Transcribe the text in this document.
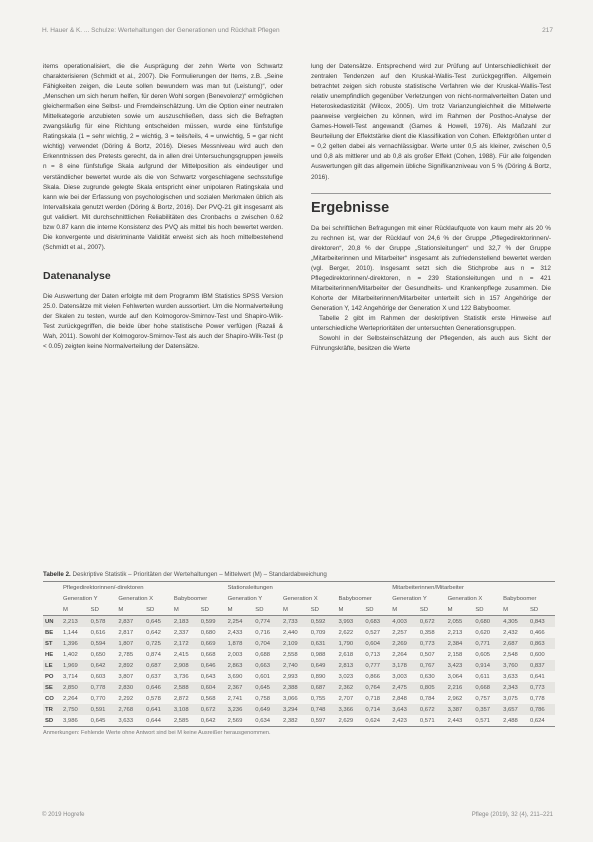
H. Hauer & K. ... Schulze: Wertehaltungen der Generationen und Rückhalt Pflegen	217

items operationalisiert, die die Ausprägung der zehn Werte von Schwartz charakterisieren (Schmidt et al., 2007). Die Formulierungen der Items, z.B. „Seine Fähigkeiten zeigen, die Leute sollen bewundern was man tut (Leistung)“, oder „Menschen um sich herum helfen, für deren Wohl sorgen (Benevolenz)“ ermöglichen gleichermaßen eine Selbst- und Fremdeinschätzung. Um die Option einer neutralen Mittelkategorie anzubieten sowie um auszuschließen, dass sich die Befragten zwangsläufig für eine Richtung entscheiden müssen, wurde eine fünfstufige Ratingskala (1 = sehr wichtig, 2 = wichtig, 3 = teils/teils, 4 = unwichtig, 5 = gar nicht wichtig) verwendet (Döring & Bortz, 2016). Dieses Messniveau wird auch den Erkenntnissen des Pretests gerecht, da in allen drei Untersuchungsgruppen jeweils n = 8 eine fünfstufige Skala aufgrund der Mittelposition als eindeutiger und verständlicher bewertet wurde als die von Schwartz vorgeschlagene sechsstufige Skala. Diese zugrunde gelegte Skala entspricht einer unipolaren Ratingskala und kann wie bei der Erfassung von psychologischen und sozialen Merkmalen üblich als Intervallskala genutzt werden (Döring & Bortz, 2016). Der PVQ-21 gilt insgesamt als gut validiert. Mit durchschnittlichen Reliabilitäten des Cronbachs α zwischen 0.62 bzw 0.87 kann die interne Konsistenz des PVQ als mittel bis hoch bewertet werden. Die konvergente und diskriminante Validität erweist sich als hoch mittelbestehend (Schmidt et al., 2007).

Datenanalyse

Die Auswertung der Daten erfolgte mit dem Programm IBM Statistics SPSS Version 25.0. Datensätze mit vielen Fehlwerten wurden aussortiert. Um die Normalverteilung der Skalen zu testen, wurde auf den Kolmogorov-Smirnov-Test und Shapiro-Wilk-Test zurückgegriffen, die beide über hohe statistische Power verfügen (Razali & Wah, 2011). Sowohl der Kolmogorov-Smirnov-Test als auch der Shapiro-Wilk-Test (p < 0.05) zeigten keine Normalverteilung der Datensätze.

lung der Datensätze. Entsprechend wird zur Prüfung auf Unterschiedlichkeit der zentralen Tendenzen auf den Kruskal-Wallis-Test zurückgegriffen. Allgemein betrachtet zeigen sich robuste statistische Verfahren wie der Kruskal-Wallis-Test relativ unempfindlich gegenüber Verletzungen von nicht-normalverteilten Daten und Heteroskedastizität (Wilcox, 2005). Um trotz Varianzungleichheit die Mittelwerte paarweise vergleichen zu können, wird im Rahmen der Posthoc-Analyse der Games-Howell-Test angewandt (Games & Howell, 1976). Als Maßzahl zur Beurteilung der Effektstärke dient die Klassifikation von Cohen. Effektgrößen unter d = 0,2 gelten dabei als vernachlässigbar. Werte unter 0,5 als kleiner, zwischen 0,5 und 0,8 als mittlerer und ab 0,8 als großer Effekt (Cohen, 1988). Für alle folgenden Auswertungen gilt das allgemein übliche Signifikanzniveau von 5 % (Döring & Bortz, 2016).

Ergebnisse

Da bei schriftlichen Befragungen mit einer Rücklaufquote von kaum mehr als 20 % zu rechnen ist, war der Rücklauf von 24,6 % der Gruppe „Pflegedirektorinnen/-direktoren“, 20,8 % der Gruppe „Stationsleitungen“ und 32,7 % der Gruppe „Mitarbeiterinnen und Mitarbeiter“ insgesamt als zufriedenstellend bewertet werden (vgl. Berger, 2010). Insgesamt setzt sich die Stichprobe aus n = 312 Pflegedirektorinnen/-direktoren, n = 239 Stationsleitungen und n = 421 Mitarbeiterinnen/Mitarbeiter der Gesundheits- und Krankenpflege zusammen. Die Kohorte der Mitarbeiterinnen/Mitarbeiter unterteilt sich in 157 Angehörige der Generation Y, 142 Angehörige der Generation X und 122 Babyboomer.

Tabelle 2 gibt im Rahmen der deskriptiven Statistik erste Hinweise auf unterschiedliche Werteprioritäten der untersuchten Generationsgruppen.

Sowohl in der Selbsteinschätzung der Pflegenden, als auch aus Sicht der Führungskräfte, besitzen die Werte

Tabelle 2. Deskriptive Statistik – Prioritäten der Wertehaltungen – Mittelwert (M) – Standardabweichung
	Pflegedirektorinnen/-direktoren						Stationsleitungen						Mitarbeiterinnen/Mitarbeiter					
	Generation Y		Generation X		Babyboomer		Generation Y		Generation X		Babyboomer		Generation Y		Generation X		Babyboomer	
	M	SD	M	SD	M	SD	M	SD	M	SD	M	SD	M	SD	M	SD	M	SD
UN	2,213	0,578	2,837	0,645	2,183	0,599	2,254	0,774	2,733	0,592	3,993	0,683	4,003	0,672	2,055	0,680	4,305	0,843
BE	1,144	0,616	2,817	0,642	2,337	0,680	2,433	0,716	2,440	0,709	2,622	0,527	2,257	0,358	2,213	0,620	2,432	0,466
ST	1,396	0,594	1,807	0,725	2,172	0,669	1,878	0,704	2,109	0,631	1,790	0,604	2,269	0,773	2,384	0,771	2,687	0,863
HE	1,402	0,650	2,785	0,874	2,415	0,668	2,003	0,688	2,558	0,988	2,618	0,713	2,264	0,507	2,158	0,605	2,548	0,600
LE	1,969	0,642	2,892	0,687	2,908	0,646	2,863	0,663	2,740	0,649	2,813	0,777	3,178	0,767	3,423	0,914	3,760	0,837
PO	3,714	0,603	3,807	0,637	3,736	0,643	3,690	0,601	2,993	0,890	3,023	0,866	3,003	0,630	3,064	0,611	3,633	0,641
SE	2,850	0,778	2,830	0,646	2,588	0,604	2,367	0,645	2,388	0,687	2,362	0,764	2,475	0,805	2,216	0,668	2,343	0,773
CO	2,264	0,770	2,292	0,578	2,872	0,568	2,741	0,758	3,066	0,755	2,707	0,718	2,848	0,784	2,962	0,757	3,075	0,778
TR	2,750	0,591	2,768	0,641	3,108	0,672	3,236	0,649	3,294	0,748	3,366	0,714	3,643	0,672	3,387	0,357	3,657	0,786
SD	3,986	0,645	3,633	0,644	2,585	0,642	2,569	0,634	2,382	0,597	2,629	0,624	2,423	0,571	2,443	0,571	2,488	0,624
Anmerkungen: Fehlende Werte ohne Antwort sind bei M keine Ausreißer herausgenommen.
© 2019 Hogrefe	Pflege (2019), 32 (4), 211–221
